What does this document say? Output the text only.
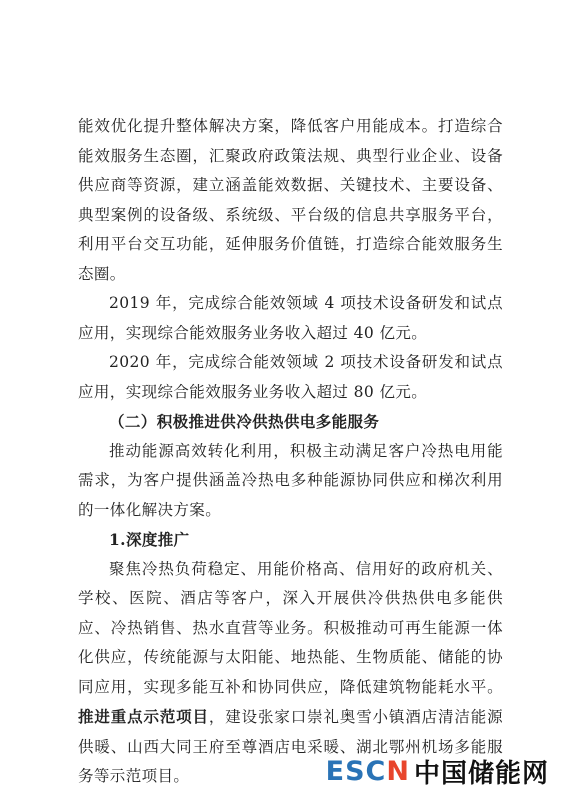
能效优化提升整体解决方案，降低客户用能成本。打造综合能效服务生态圈，汇聚政府政策法规、典型行业企业、设备供应商等资源，建立涵盖能效数据、关键技术、主要设备、典型案例的设备级、系统级、平台级的信息共享服务平台，利用平台交互功能，延伸服务价值链，打造综合能效服务生态圈。

2019 年，完成综合能效领域 4 项技术设备研发和试点应用，实现综合能效服务业务收入超过 40 亿元。

2020 年，完成综合能效领域 2 项技术设备研发和试点应用，实现综合能效服务业务收入超过 80 亿元。

（二）积极推进供冷供热供电多能服务

推动能源高效转化利用，积极主动满足客户冷热电用能需求，为客户提供涵盖冷热电多种能源协同供应和梯次利用的一体化解决方案。

1.深度推广

聚焦冷热负荷稳定、用能价格高、信用好的政府机关、学校、医院、酒店等客户，深入开展供冷供热供电多能供应、冷热销售、热水直营等业务。积极推动可再生能源一体化供应，传统能源与太阳能、地热能、生物质能、储能的协同应用，实现多能互补和协同供应，降低建筑物能耗水平。推进重点示范项目，建设张家口崇礼奥雪小镇酒店清洁能源供暖、山西大同王府至尊酒店电采暖、湖北鄂州机场多能服务等示范项目。	ESCN 中国储能网
